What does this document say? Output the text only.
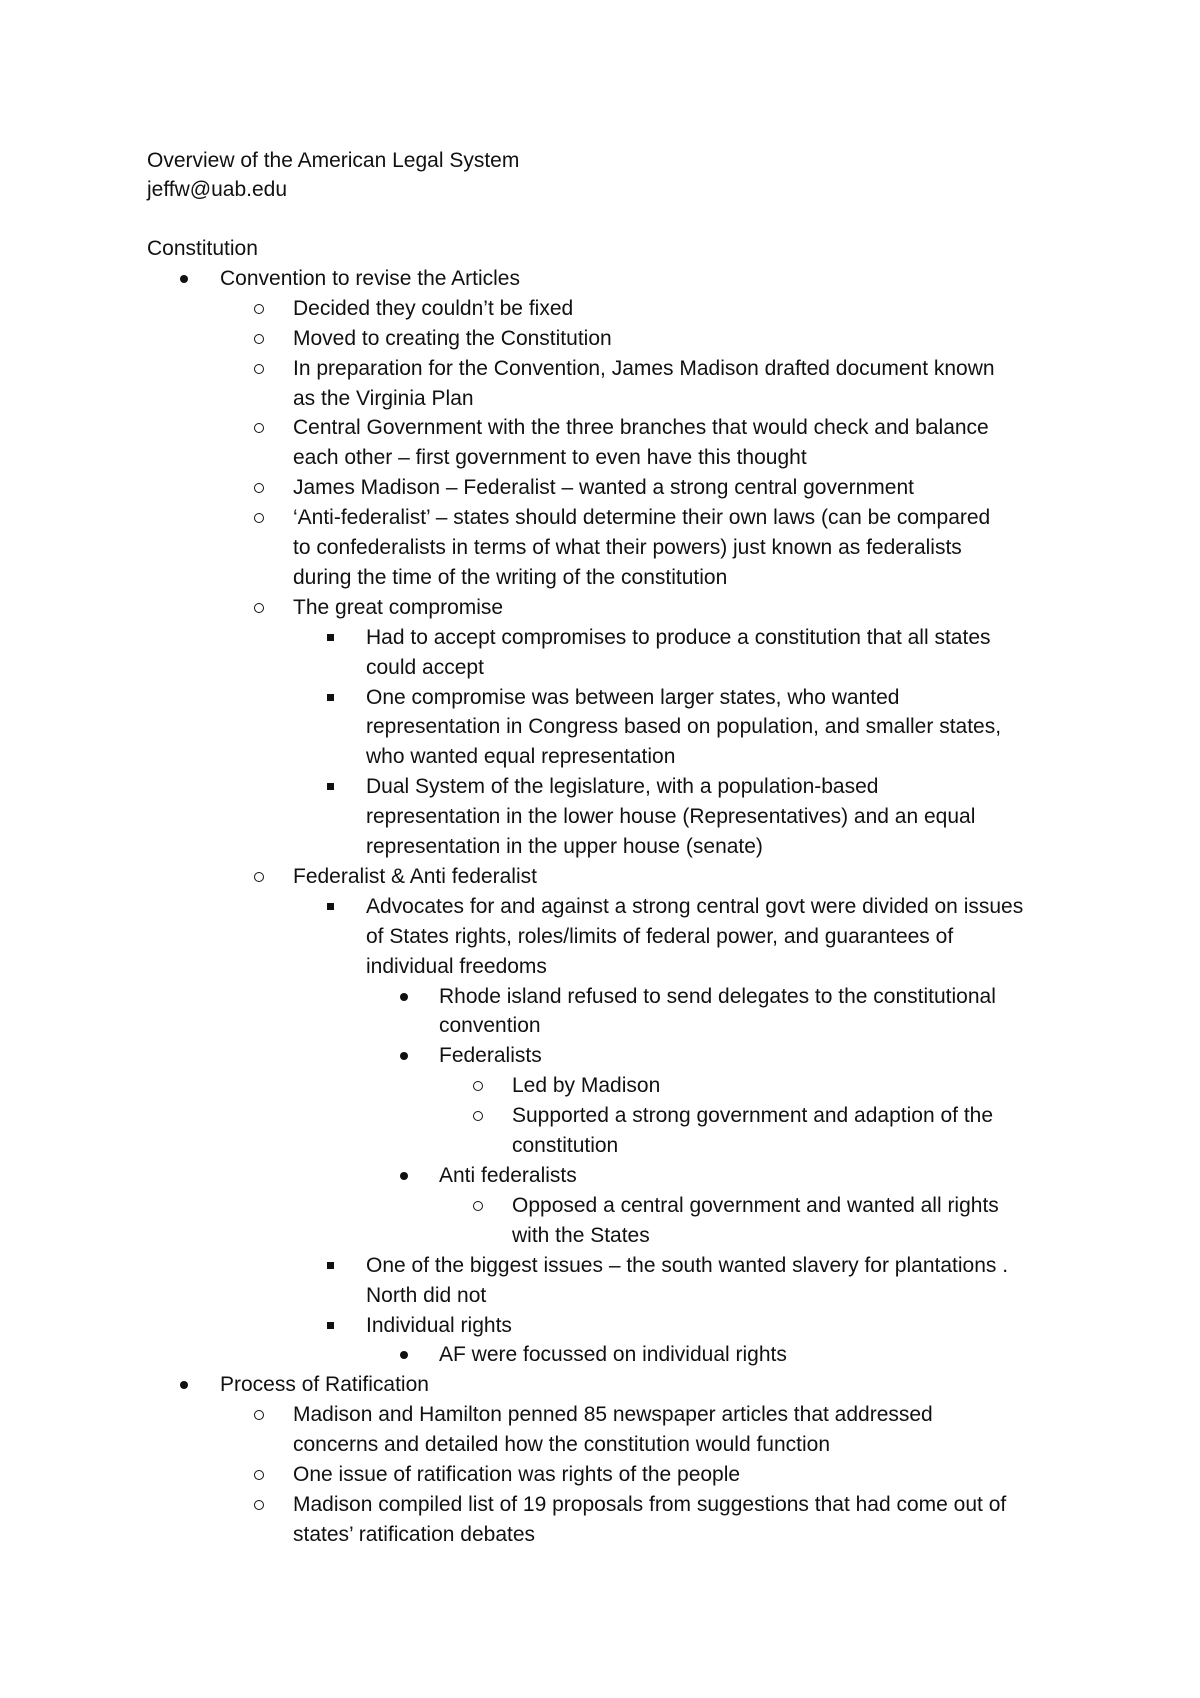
Overview of the American Legal System
jeffw@uab.edu
Constitution
Convention to revise the Articles
Decided they couldn’t be fixed
Moved to creating the Constitution
In preparation for the Convention, James Madison drafted document known
as the Virginia Plan
Central Government with the three branches that would check and balance
each other – first government to even have this thought
James Madison – Federalist – wanted a strong central government
‘Anti-federalist’ – states should determine their own laws (can be compared
to confederalists in terms of what their powers) just known as federalists
during the time of the writing of the constitution
The great compromise
Had to accept compromises to produce a constitution that all states
could accept
One compromise was between larger states, who wanted
representation in Congress based on population, and smaller states,
who wanted equal representation
Dual System of the legislature, with a population-based
representation in the lower house (Representatives) and an equal
representation in the upper house (senate)
Federalist & Anti federalist
Advocates for and against a strong central govt were divided on issues
of States rights, roles/limits of federal power, and guarantees of
individual freedoms
Rhode island refused to send delegates to the constitutional
convention
Federalists
Led by Madison
Supported a strong government and adaption of the
constitution
Anti federalists
Opposed a central government and wanted all rights
with the States
One of the biggest issues – the south wanted slavery for plantations .
North did not
Individual rights
AF were focussed on individual rights
Process of Ratification
Madison and Hamilton penned 85 newspaper articles that addressed
concerns and detailed how the constitution would function
One issue of ratification was rights of the people
Madison compiled list of 19 proposals from suggestions that had come out of
states’ ratification debates
